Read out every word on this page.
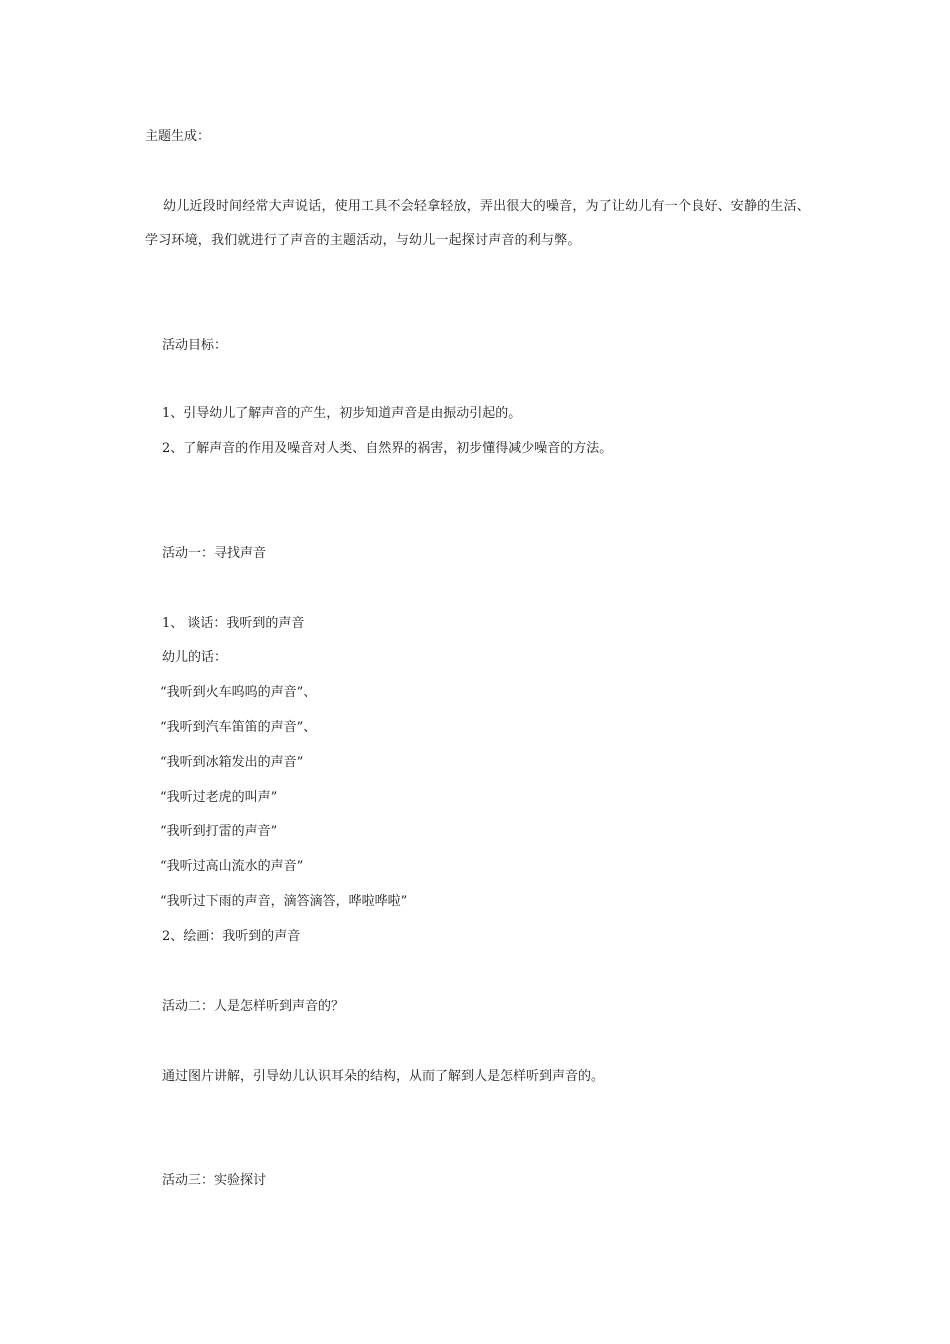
主题生成：
幼儿近段时间经常大声说话，使用工具不会轻拿轻放，弄出很大的噪音，为了让幼儿有一个良好、安静的生活、学习环境，我们就进行了声音的主题活动，与幼儿一起探讨声音的利与弊。
活动目标：
1、引导幼儿了解声音的产生，初步知道声音是由振动引起的。
2、了解声音的作用及噪音对人类、自然界的祸害，初步懂得减少噪音的方法。
活动一：寻找声音
1、 谈话：我听到的声音
幼儿的话：
“我听到火车呜呜的声音”、
“我听到汽车笛笛的声音”、
“我听到冰箱发出的声音”
“我听过老虎的叫声”
“我听到打雷的声音”
“我听过高山流水的声音”
“我听过下雨的声音，滴答滴答，哗啦哗啦”
2、绘画：我听到的声音
活动二：人是怎样听到声音的？
通过图片讲解，引导幼儿认识耳朵的结构，从而了解到人是怎样听到声音的。
活动三：实验探讨
